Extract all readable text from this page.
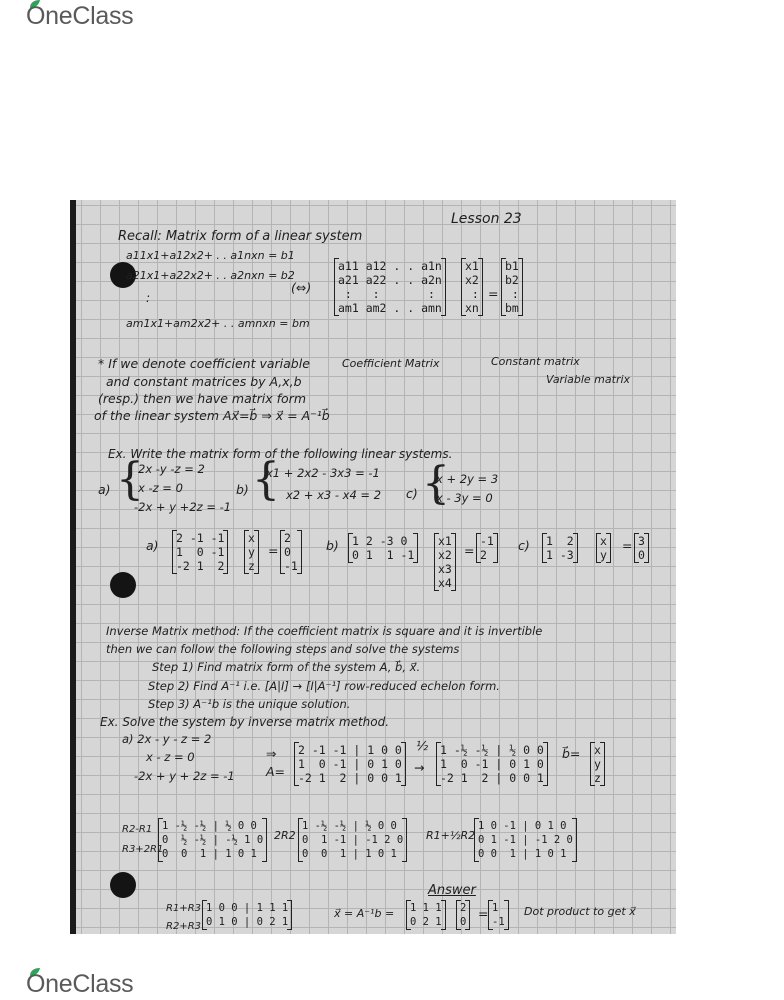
OneClass
Lesson 23
Recall: Matrix form of a linear system
a11x1+a12x2+ . . a1nxn = b1
a21x1+a22x2+ . . a2nxn = b2
:
am1x1+am2x2+ . . amnxn = bm
(⇔)
a11 a12 . . a1n
a21 a22 . . a2n
:   :       :
am1 am2 . . amn
x1
x2
:
xn
=
b1
b2
:
bm
Coefficient Matrix	Constant matrix
Variable matrix
* If we denote coefficient variable
and constant matrices by A,x,b
(resp.) then we have matrix form
of the linear system Ax⃗=b⃗ ⇒ x⃗ = A⁻¹b⃗
Ex. Write the matrix form of the following linear systems.
a) {
2x -y -z = 2
x -z = 0
-2x + y +2z = -1
b) {
x1 + 2x2 - 3x3 = -1
x2 + x3 - x4 = 2 c) {
x + 2y = 3
x - 3y = 0
a) 2 -1 -1
1  0 -1
-2 1  2
x
y
z
=
2
0
-1
b) 1 2 -3 0
0 1  1 -1
x1
x2
x3
x4
=
-1
2
c) 1  2
1 -3
x
y
= 3
0
Inverse Matrix method: If the coefficient matrix is square and it is invertible
then we can follow the following steps and solve the systems
Step 1) Find matrix form of the system A, b⃗, x⃗.
Step 2) Find A⁻¹ i.e. [A|I] → [I|A⁻¹] row-reduced echelon form.
Step 3) A⁻¹b is the unique solution.
Ex. Solve the system by inverse matrix method.
a) 2x - y - z = 2
x - z = 0
-2x + y + 2z = -1
⇒
A=
2 -1 -1 | 1 0 0
1  0 -1 | 0 1 0
-2 1  2 | 0 0 1
½
→
1 -½ -½ | ½ 0 0
1  0 -1 | 0 1 0
-2 1  2 | 0 0 1
b⃗= x
y
z
R2-R1
R3+2R1
1 -½ -½ | ½ 0 0
0  ½ -½ | -½ 1 0
0  0  1 | 1 0 1
2R2
1 -½ -½ | ½ 0 0
0  1 -1 | -1 2 0
0  0  1 | 1 0 1
R1+½R2
1 0 -1 | 0 1 0
0 1 -1 | -1 2 0
0 0  1 | 1 0 1
Answer
R1+R3
R2+R3
1 0 0 | 1 1 1
0 1 0 | 0 2 1
x⃗ = A⁻¹b = 1 1 1
0 2 1
2
0
= 1
-1
Dot product to get x⃗
OneClass
